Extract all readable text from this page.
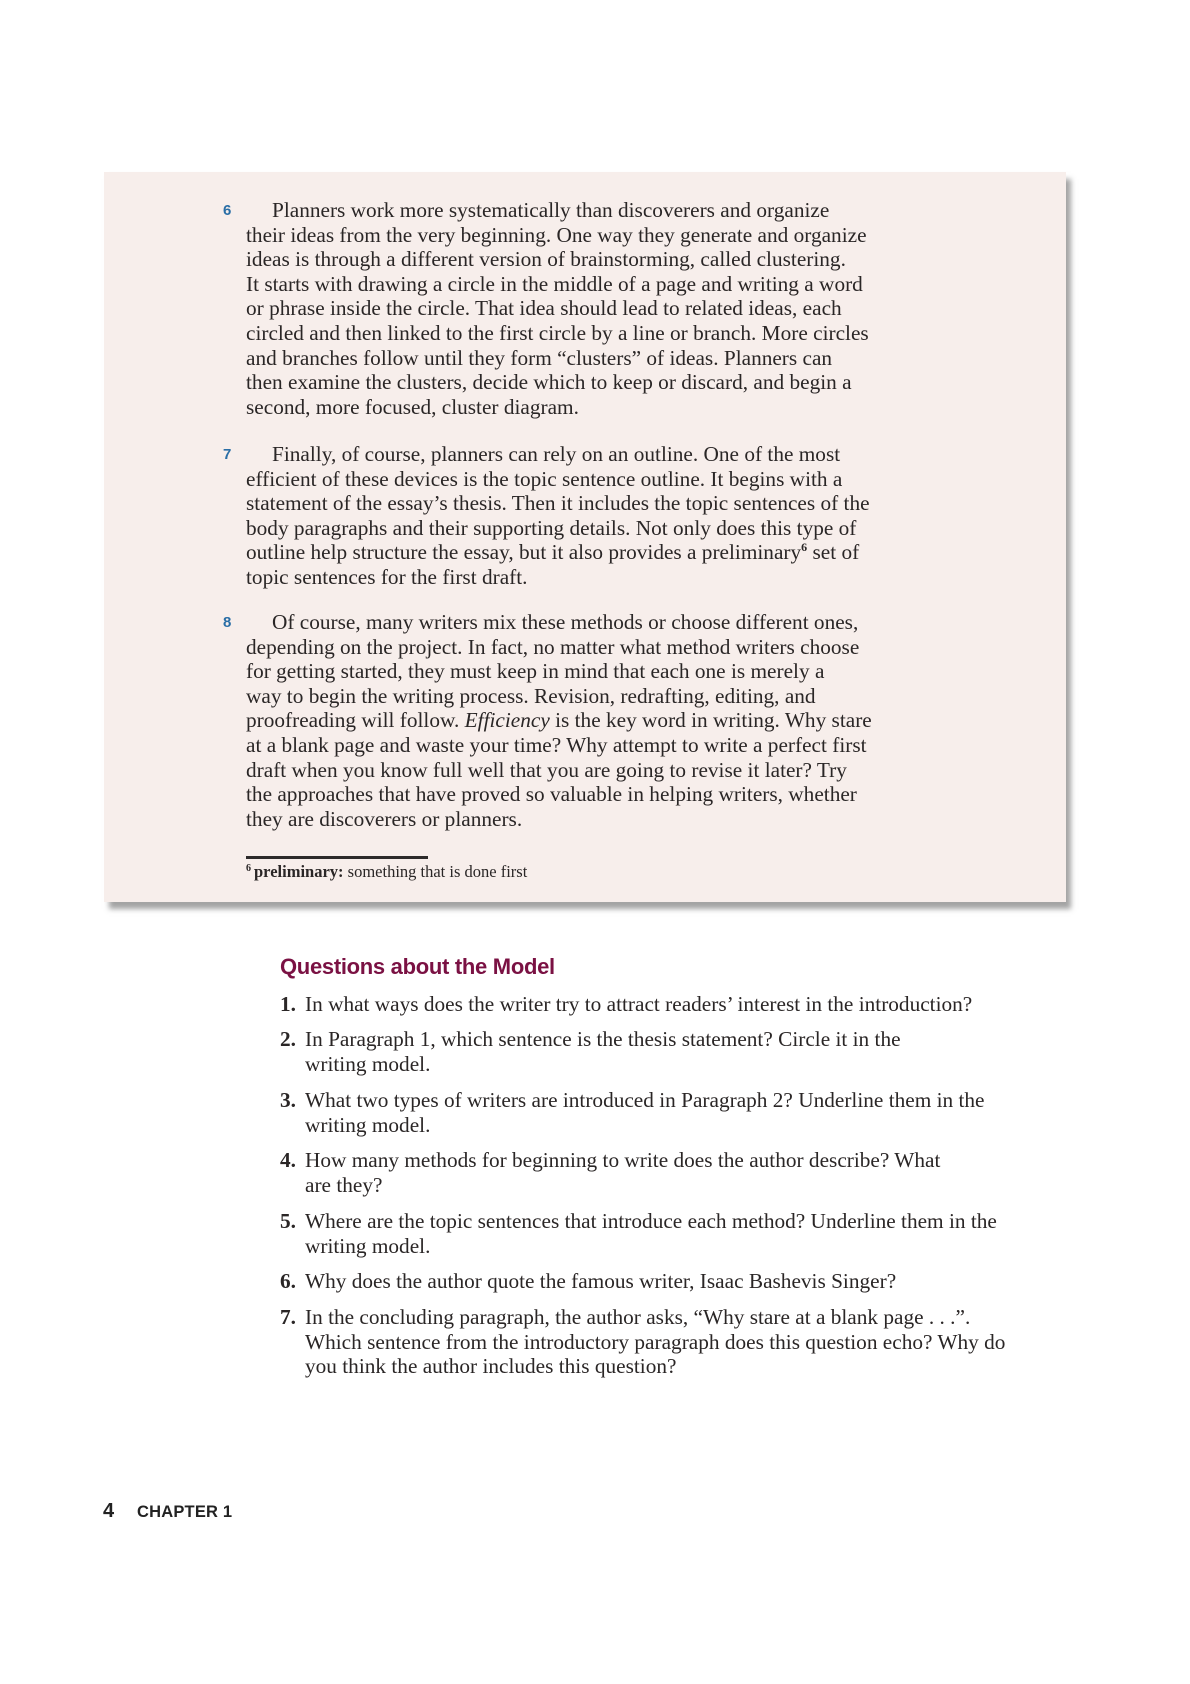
6	Planners work more systematically than discoverers and organize
their ideas from the very beginning. One way they generate and organize
ideas is through a different version of brainstorming, called clustering.
It starts with drawing a circle in the middle of a page and writing a word
or phrase inside the circle. That idea should lead to related ideas, each
circled and then linked to the first circle by a line or branch. More circles
and branches follow until they form “clusters” of ideas. Planners can
then examine the clusters, decide which to keep or discard, and begin a
second, more focused, cluster diagram.
7	Finally, of course, planners can rely on an outline. One of the most
efficient of these devices is the topic sentence outline. It begins with a
statement of the essay’s thesis. Then it includes the topic sentences of the
body paragraphs and their supporting details. Not only does this type of
outline help structure the essay, but it also provides a preliminary$^6$ set of
topic sentences for the first draft.
8	Of course, many writers mix these methods or choose different ones,
depending on the project. In fact, no matter what method writers choose
for getting started, they must keep in mind that each one is merely a
way to begin the writing process. Revision, redrafting, editing, and
proofreading will follow. Efficiency is the key word in writing. Why stare
at a blank page and waste your time? Why attempt to write a perfect first
draft when you know full well that you are going to revise it later? Try
the approaches that have proved so valuable in helping writers, whether
they are discoverers or planners.
$^6$ preliminary: something that is done first
Questions about the Model
1. In what ways does the writer try to attract readers’ interest in the introduction?
2. In Paragraph 1, which sentence is the thesis statement? Circle it in the
writing model.
3. What two types of writers are introduced in Paragraph 2? Underline them in the
writing model.
4. How many methods for beginning to write does the author describe? What
are they?
5. Where are the topic sentences that introduce each method? Underline them in the
writing model.
6. Why does the author quote the famous writer, Isaac Bashevis Singer?
7. In the concluding paragraph, the author asks, “Why stare at a blank page . . .”.
Which sentence from the introductory paragraph does this question echo? Why do
you think the author includes this question?
4 CHAPTER 1
